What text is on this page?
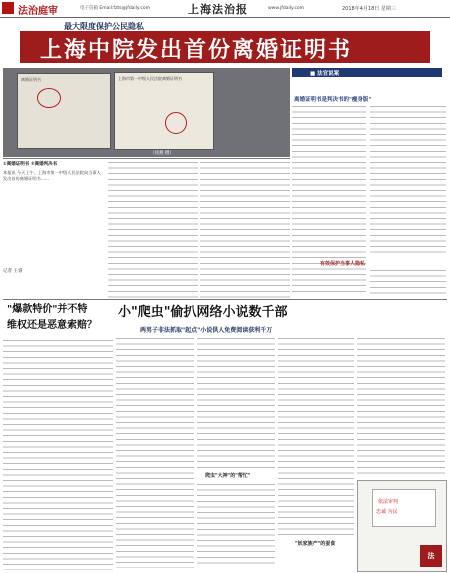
法治庭审	电子信箱 Email:fzts@jfdaily.com	上海法治报	www.jfdaily.com	2018年4月18日 星期三
最大限度保护公民隐私
上海中院发出首份离婚证明书
离婚证明书	上海市第一中级人民法院离婚证明书
（徐燕 摄）
①离婚证明书 ②离婚判决书
本报讯 今天上午，上海市第一中级人民法院向当事人发出首份离婚证明书……
记者 王睿
■ 法官说案
离婚证明书是判决书的"瘦身版"
有效保护当事人隐私
"爆款特价"并不特
维权还是恶意索赔？
小"爬虫"偷扒网络小说数千部
两男子非法抓取"起点"小说供人免费阅读获利千万
爬虫"大神"的"帮忙"
"妖家族产"的蚕食
依法审判
忠诚 为民
法
